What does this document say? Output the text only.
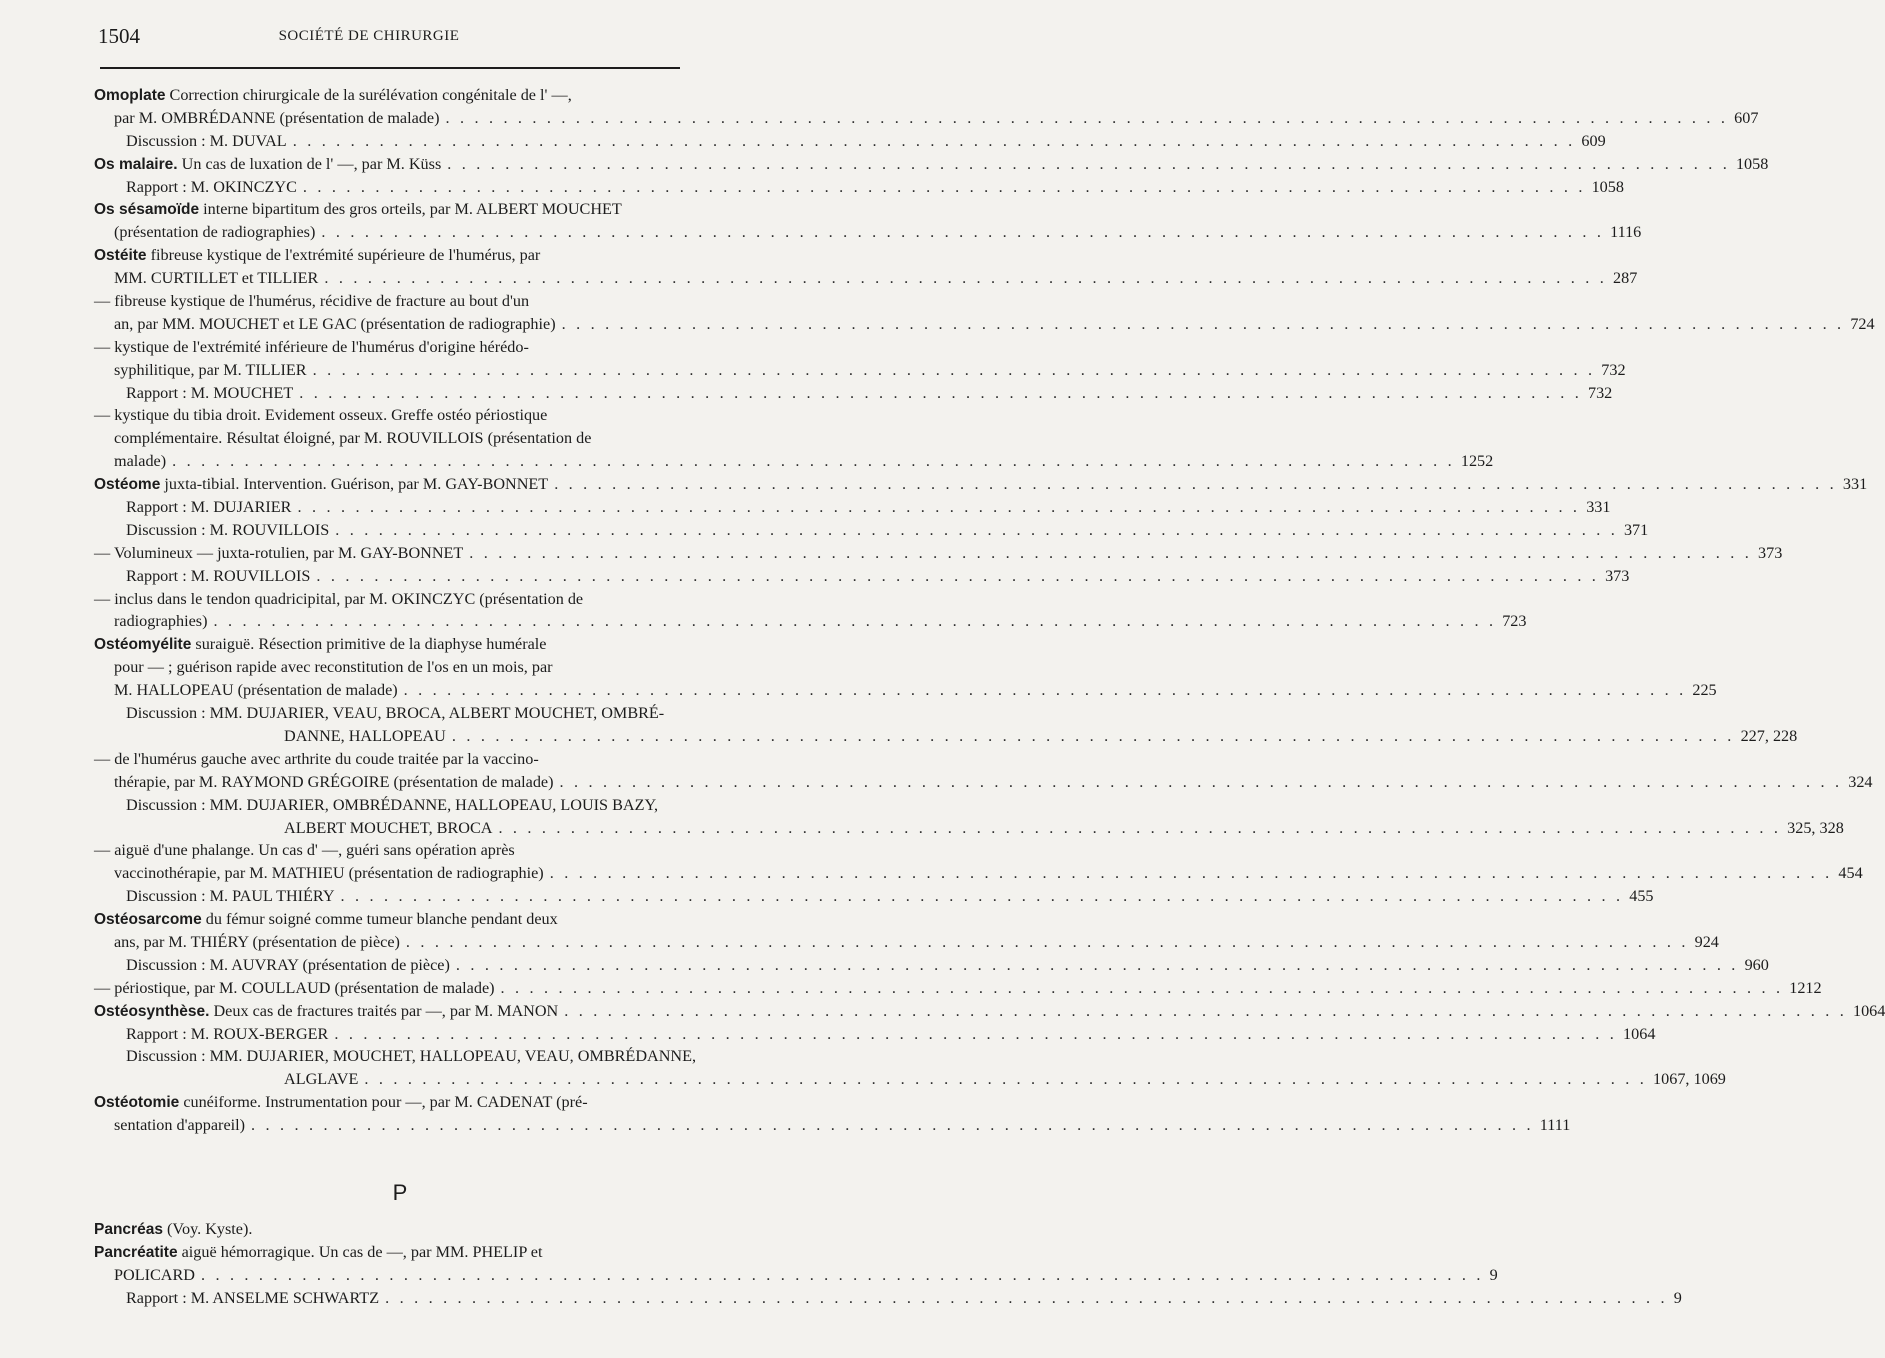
1504	SOCIÉTÉ DE CHIRURGIE
Omoplate Correction chirurgicale de la surélévation congénitale de l' —,
par M. OMBRÉDANNE (présentation de malade) . . .	607
Discussion : M. DUVAL . . .	609
Os malaire. Un cas de luxation de l' —, par M. Küss . . .	1058
Rapport : M. OKINCZYC . . .	1058
Os sésamoïde interne bipartitum des gros orteils, par M. ALBERT MOUCHET
(présentation de radiographies) . . .	1116
Ostéite fibreuse kystique de l'extrémité supérieure de l'humérus, par
MM. CURTILLET et TILLIER . . .	287
— fibreuse kystique de l'humérus, récidive de fracture au bout d'un
an, par MM. MOUCHET et LE GAC (présentation de radiographie) . . .	724
— kystique de l'extrémité inférieure de l'humérus d'origine hérédo-
syphilitique, par M. TILLIER . . .	732
Rapport : M. MOUCHET . . .	732
— kystique du tibia droit. Evidement osseux. Greffe ostéo périostique
complémentaire. Résultat éloigné, par M. ROUVILLOIS (présentation de
malade) . . .	1252
Ostéome juxta-tibial. Intervention. Guérison, par M. GAY-BONNET . . .	331
Rapport : M. DUJARIER . . .	331
Discussion : M. ROUVILLOIS . . .	371
— Volumineux — juxta-rotulien, par M. GAY-BONNET . . .	373
Rapport : M. ROUVILLOIS . . .	373
— inclus dans le tendon quadricipital, par M. OKINCZYC (présentation de
radiographies) . . .	723
Ostéomyélite suraiguë. Résection primitive de la diaphyse humérale
pour — ; guérison rapide avec reconstitution de l'os en un mois, par
M. HALLOPEAU (présentation de malade) . . .	225
Discussion : MM. DUJARIER, VEAU, BROCA, ALBERT MOUCHET, OMBRÉ-
DANNE, HALLOPEAU . . .	227, 228
— de l'humérus gauche avec arthrite du coude traitée par la vaccino-
thérapie, par M. RAYMOND GRÉGOIRE (présentation de malade) . . .	324
Discussion : MM. DUJARIER, OMBRÉDANNE, HALLOPEAU, LOUIS BAZY,
ALBERT MOUCHET, BROCA . . .	325, 328
— aiguë d'une phalange. Un cas d' —, guéri sans opération après
vaccinothérapie, par M. MATHIEU (présentation de radiographie) . . .	454
Discussion : M. PAUL THIÉRY . . .	455
Ostéosarcome du fémur soigné comme tumeur blanche pendant deux
ans, par M. THIÉRY (présentation de pièce) . . .	924
Discussion : M. AUVRAY (présentation de pièce) . . .	960
— périostique, par M. COULLAUD (présentation de malade) . . .	1212
Ostéosynthèse. Deux cas de fractures traités par —, par M. MANON . . .	1064
Rapport : M. ROUX-BERGER . . .	1064
Discussion : MM. DUJARIER, MOUCHET, HALLOPEAU, VEAU, OMBRÉDANNE,
ALGLAVE . . .	1067, 1069
Ostéotomie cunéiforme. Instrumentation pour —, par M. CADENAT (pré-
sentation d'appareil) . . .	1111
P
Pancréas (Voy. Kyste).
Pancréatite aiguë hémorragique. Un cas de —, par MM. PHELIP et
POLICARD . . .	9
Rapport : M. ANSELME SCHWARTZ . . .	9
